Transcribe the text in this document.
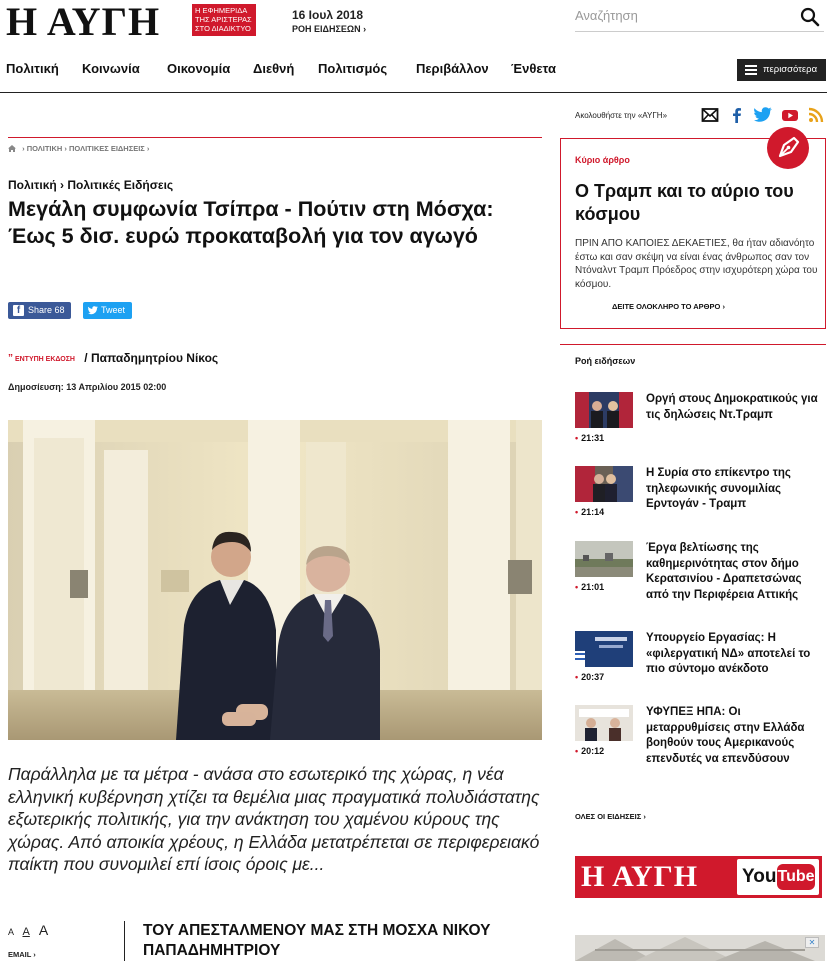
Η ΑΥΓΗ	Η ΕΦΗΜΕΡΙΔΑ ΤΗΣ ΑΡΙΣΤΕΡΑΣ ΣΤΟ ΔΙΑΔΙΚΤΥΟ
16 Ιουλ 2018
ΡΟΗ ΕΙΔΗΣΕΩΝ ›
Αναζήτηση
Πολιτική Κοινωνία Οικονομία Διεθνή Πολιτισμός Περιβάλλον Ένθετα	περισσότερα
› ΠΟΛΙΤΙΚΗ › ΠΟΛΙΤΙΚΕΣ ΕΙΔΗΣΕΙΣ ›
Πολιτική › Πολιτικές Ειδήσεις
Μεγάλη συμφωνία Τσίπρα - Πούτιν στη Μόσχα: Έως 5 δισ. ευρώ προκαταβολή για τον αγωγό
f Share 68	Tweet
” ΕΝΤΥΠΗ ΕΚΔΟΣΗ / Παπαδημητρίου Νίκος
Δημοσίευση: 13 Απριλίου 2015 02:00

Παράλληλα με τα μέτρα - ανάσα στο εσωτερικό της χώρας, η νέα ελληνική κυβέρνηση χτίζει τα θεμέλια μιας πραγματικά πολυδιάστατης εξωτερικής πολιτικής, για την ανάκτηση του χαμένου κύρους της χώρας. Από αποικία χρέους, η Ελλάδα μετατρέπεται σε περιφερειακό παίκτη που συνομιλεί επί ίσοις όροις με...

A A A
EMAIL ›
ΤΟΥ ΑΠΕΣΤΑΛΜΕΝΟΥ ΜΑΣ ΣΤΗ ΜΟΣΧΑ ΝΙΚΟΥ ΠΑΠΑΔΗΜΗΤΡΙΟΥ
Ακολουθήστε την «ΑΥΓΗ»
Κύριο άρθρο
Ο Τραμπ και το αύριο του κόσμου

ΠΡΙΝ ΑΠΟ ΚΑΠΟΙΕΣ ΔΕΚΑΕΤΙΕΣ, θα ήταν αδιανόητο έστω και σαν σκέψη να είναι ένας άνθρωπος σαν τον Ντόναλντ Τραμπ Πρόεδρος στην ισχυρότερη χώρα του κόσμου.

ΔΕΙΤΕ ΟΛΟΚΛΗΡΟ ΤΟ ΑΡΘΡΟ ›
Ροή ειδήσεων
• 21:31
Οργή στους Δημοκρατικούς για τις δηλώσεις Ντ.Τραμπ
• 21:14
Η Συρία στο επίκεντρο της τηλεφωνικής συνομιλίας Ερντογάν - Τραμπ
• 21:01
Έργα βελτίωσης της καθημερινότητας στον δήμο Κερατσινίου - Δραπετσώνας από την Περιφέρεια Αττικής
• 20:37
Υπουργείο Εργασίας: Η «φιλεργατική ΝΔ» αποτελεί το πιο σύντομο ανέκδοτο
• 20:12
ΥΦΥΠΕΞ ΗΠΑ: Οι μεταρρυθμίσεις στην Ελλάδα βοηθούν τους Αμερικανούς επενδυτές να επενδύσουν
ΟΛΕΣ ΟΙ ΕΙΔΗΣΕΙΣ ›
Η ΑΥΓΗ You Tube
✕
